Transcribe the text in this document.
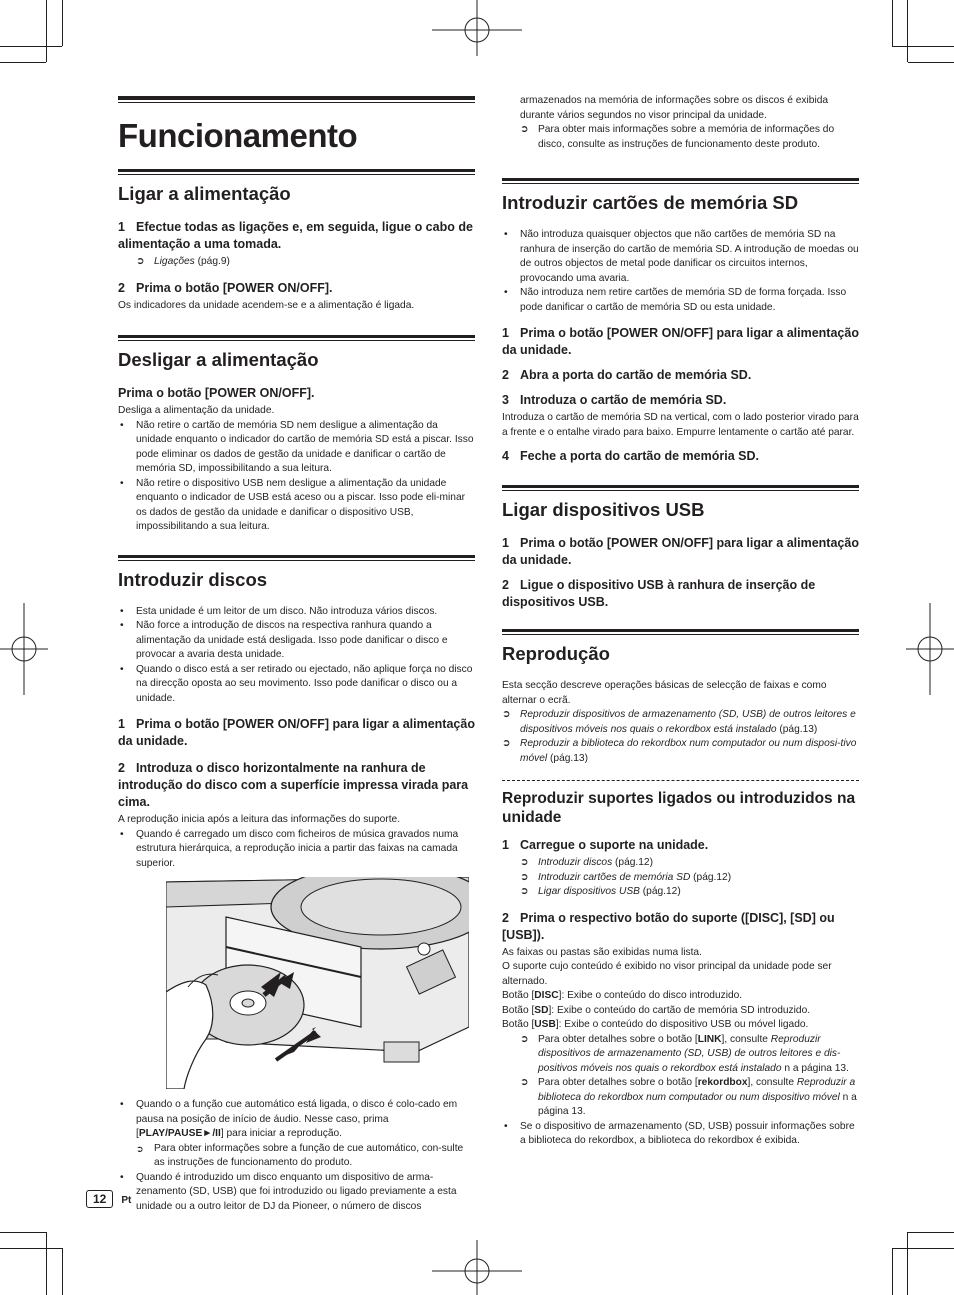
Funcionamento
Ligar a alimentação
1 Efectue todas as ligações e, em seguida, ligue o cabo de alimentação a uma tomada.

➲ Ligações (pág.9)

2 Prima o botão [POWER ON/OFF].

Os indicadores da unidade acendem-se e a alimentação é ligada.

Desligar a alimentação
Prima o botão [POWER ON/OFF].

Desliga a alimentação da unidade.

• Não retire o cartão de memória SD nem desligue a alimentação da unidade enquanto o indicador do cartão de memória SD está a piscar. Isso pode eliminar os dados de gestão da unidade e danificar o cartão de memória SD, impossibilitando a sua leitura.
• Não retire o dispositivo USB nem desligue a alimentação da unidade enquanto o indicador de USB está aceso ou a piscar. Isso pode eli-minar os dados de gestão da unidade e danificar o dispositivo USB, impossibilitando a sua leitura.
Introduzir discos
• Esta unidade é um leitor de um disco. Não introduza vários discos.
• Não force a introdução de discos na respectiva ranhura quando a alimentação da unidade está desligada. Isso pode danificar o disco e provocar a avaria desta unidade.
• Quando o disco está a ser retirado ou ejectado, não aplique força no disco na direcção oposta ao seu movimento. Isso pode danificar o disco ou a unidade.
1 Prima o botão [POWER ON/OFF] para ligar a alimentação da unidade.
2 Introduza o disco horizontalmente na ranhura de introdução do disco com a superfície impressa virada para cima.

A reprodução inicia após a leitura das informações do suporte.

• Quando é carregado um disco com ficheiros de música gravados numa estrutura hierárquica, a reprodução inicia a partir das faixas na camada superior.
• Quando o a função cue automático está ligada, o disco é colo-cado em pausa na posição de início de áudio. Nesse caso, prima [PLAY/PAUSE►/II] para iniciar a reprodução.
➲ Para obter informações sobre a função de cue automático, con-sulte as instruções de funcionamento do produto.
• Quando é introduzido um disco enquanto um dispositivo de arma-zenamento (SD, USB) que foi introduzido ou ligado previamente a esta unidade ou a outro leitor de DJ da Pioneer, o número de discos

armazenados na memória de informações sobre os discos é exibida durante vários segundos no visor principal da unidade.

➲ Para obter mais informações sobre a memória de informações do disco, consulte as instruções de funcionamento deste produto.

Introduzir cartões de memória SD
• Não introduza quaisquer objectos que não cartões de memória SD na ranhura de inserção do cartão de memória SD. A introdução de moedas ou de outros objectos de metal pode danificar os circuitos internos, provocando uma avaria.
• Não introduza nem retire cartões de memória SD de forma forçada. Isso pode danificar o cartão de memória SD ou esta unidade.
1 Prima o botão [POWER ON/OFF] para ligar a alimentação da unidade.
2 Abra a porta do cartão de memória SD.
3 Introduza o cartão de memória SD.

Introduza o cartão de memória SD na vertical, com o lado posterior virado para a frente e o entalhe virado para baixo. Empurre lentamente o cartão até parar.

4 Feche a porta do cartão de memória SD.
Ligar dispositivos USB
1 Prima o botão [POWER ON/OFF] para ligar a alimentação da unidade.
2 Ligue o dispositivo USB à ranhura de inserção de dispositivos USB.
Reprodução

Esta secção descreve operações básicas de selecção de faixas e como alternar o ecrã.

➲ Reproduzir dispositivos de armazenamento (SD, USB) de outros leitores e dispositivos móveis nos quais o rekordbox está instalado (pág.13)

➲ Reproduzir a biblioteca do rekordbox num computador ou num disposi-tivo móvel (pág.13)

Reproduzir suportes ligados ou introduzidos na unidade
1 Carregue o suporte na unidade.

➲ Introduzir discos (pág.12)

➲ Introduzir cartões de memória SD (pág.12)

➲ Ligar dispositivos USB (pág.12)

2 Prima o respectivo botão do suporte ([DISC], [SD] ou [USB]).

As faixas ou pastas são exibidas numa lista.

O suporte cujo conteúdo é exibido no visor principal da unidade pode ser alternado.

Botão [DISC]: Exibe o conteúdo do disco introduzido.

Botão [SD]: Exibe o conteúdo do cartão de memória SD introduzido.

Botão [USB]: Exibe o conteúdo do dispositivo USB ou móvel ligado.

➲ Para obter detalhes sobre o botão [LINK], consulte Reproduzir dispositivos de armazenamento (SD, USB) de outros leitores e dis-positivos móveis nos quais o rekordbox está instalado n a página 13.

➲ Para obter detalhes sobre o botão [rekordbox], consulte Reproduzir a biblioteca do rekordbox num computador ou num dispositivo móvel n a página 13.

• Se o dispositivo de armazenamento (SD, USB) possuir informações sobre a biblioteca do rekordbox, a biblioteca do rekordbox é exibida.
12 Pt
